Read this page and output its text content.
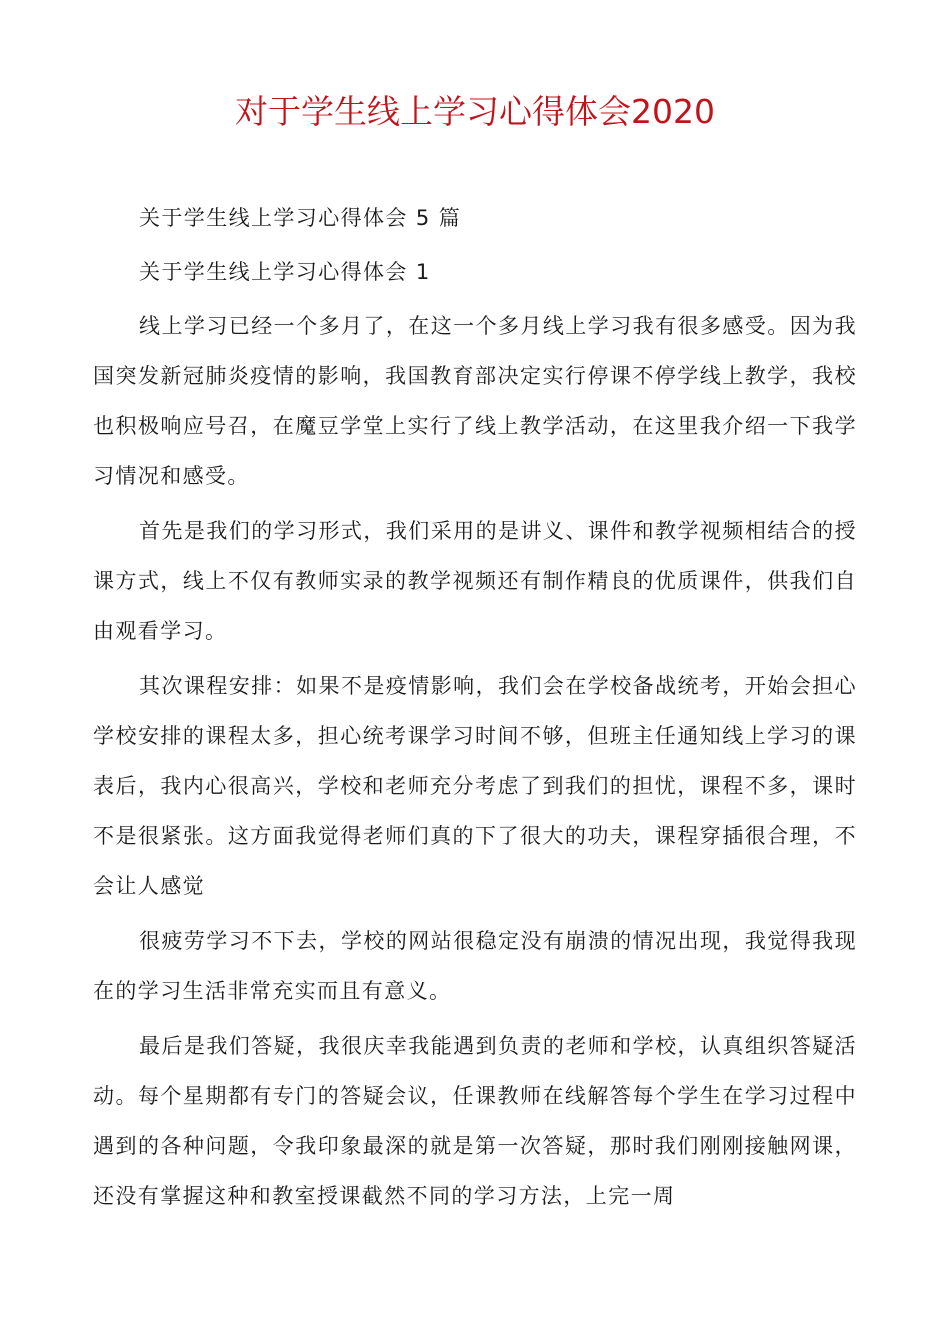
对于学生线上学习心得体会2020

关于学生线上学习心得体会 5 篇

关于学生线上学习心得体会 1

线上学习已经一个多月了，在这一个多月线上学习我有很多感受。因为我国突发新冠肺炎疫情的影响，我国教育部决定实行停课不停学线上教学，我校也积极响应号召，在魔豆学堂上实行了线上教学活动，在这里我介绍一下我学习情况和感受。

首先是我们的学习形式，我们采用的是讲义、课件和教学视频相结合的授课方式，线上不仅有教师实录的教学视频还有制作精良的优质课件，供我们自由观看学习。

其次课程安排：如果不是疫情影响，我们会在学校备战统考，开始会担心学校安排的课程太多，担心统考课学习时间不够，但班主任通知线上学习的课表后，我内心很高兴，学校和老师充分考虑了到我们的担忧，课程不多，课时不是很紧张。这方面我觉得老师们真的下了很大的功夫，课程穿插很合理，不会让人感觉

很疲劳学习不下去，学校的网站很稳定没有崩溃的情况出现，我觉得我现在的学习生活非常充实而且有意义。

最后是我们答疑，我很庆幸我能遇到负责的老师和学校，认真组织答疑活动。每个星期都有专门的答疑会议，任课教师在线解答每个学生在学习过程中遇到的各种问题，令我印象最深的就是第一次答疑，那时我们刚刚接触网课，还没有掌握这种和教室授课截然不同的学习方法，上完一周
